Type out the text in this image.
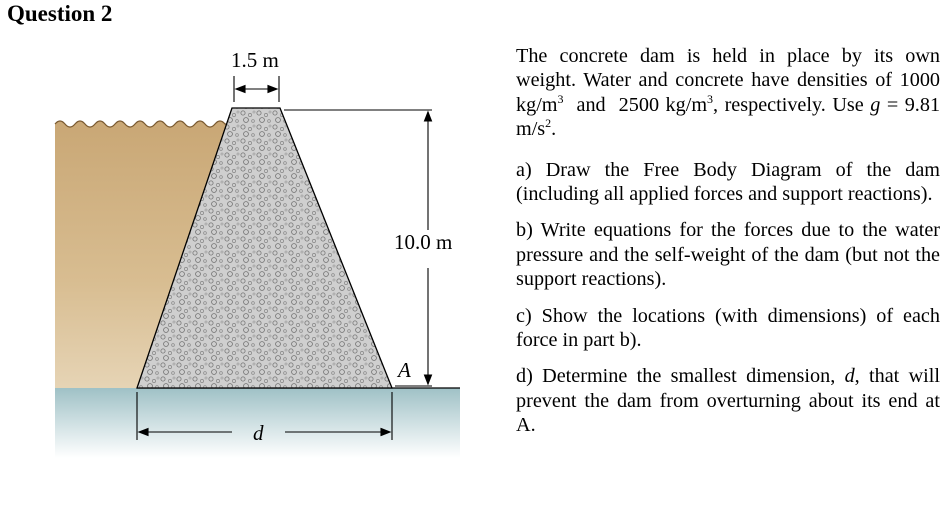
Question 2
1.5 m
10.0 m
A
d

The concrete dam is held in place by its own weight. Water and concrete have densities of 1000 $kg/m^3$ and 2500 $kg/m^3$, respectively. Use g = 9.81 $m/s^2$.

a) Draw the Free Body Diagram of the dam (including all applied forces and support reactions).

b) Write equations for the forces due to the water pressure and the self-weight of the dam (but not the support reactions).

c) Show the locations (with dimensions) of each force in part b).

d) Determine the smallest dimension, d, that will prevent the dam from overturning about its end at A.
